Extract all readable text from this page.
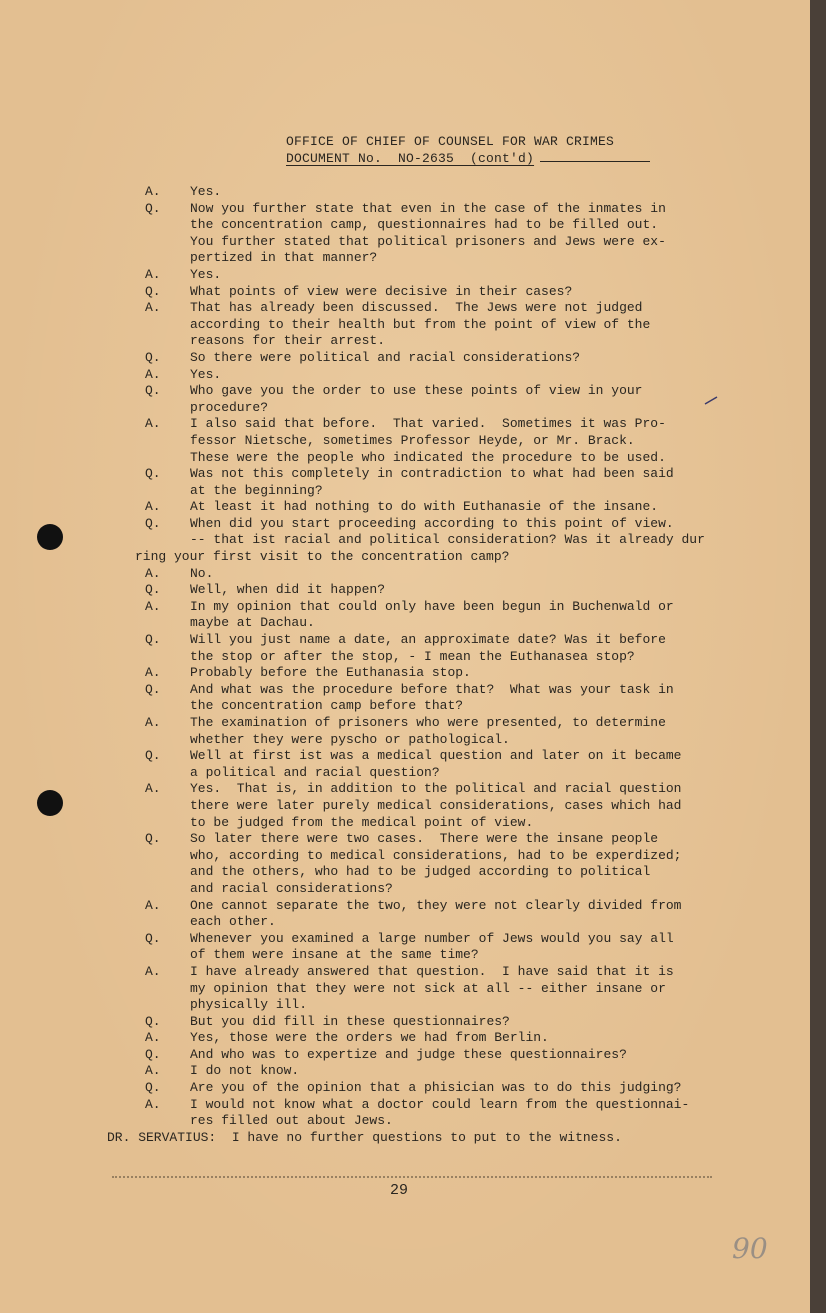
OFFICE OF CHIEF OF COUNSEL FOR WAR CRIMES
DOCUMENT No.  NO-2635  (cont'd)
A.	Yes.
Q.	Now you further state that even in the case of the inmates in
the concentration camp, questionnaires had to be filled out.
You further stated that political prisoners and Jews were ex-
pertized in that manner?
A.	Yes.
Q.	What points of view were decisive in their cases?
A.	That has already been discussed.  The Jews were not judged
according to their health but from the point of view of the
reasons for their arrest.
Q.	So there were political and racial considerations?
A.	Yes.
Q.	Who gave you the order to use these points of view in your
procedure?
A.	I also said that before.  That varied.  Sometimes it was Pro-
fessor Nietsche, sometimes Professor Heyde, or Mr. Brack.
These were the people who indicated the procedure to be used.
Q.	Was not this completely in contradiction to what had been said
at the beginning?
A.	At least it had nothing to do with Euthanasie of the insane.
Q.	When did you start proceeding according to this point of view.
-- that ist racial and political consideration? Was it already dur
ring your first visit to the concentration camp?
A.	No.
Q.	Well, when did it happen?
A.	In my opinion that could only have been begun in Buchenwald or
maybe at Dachau.
Q.	Will you just name a date, an approximate date? Was it before
the stop or after the stop, - I mean the Euthanasea stop?
A.	Probably before the Euthanasia stop.
Q.	And what was the procedure before that?  What was your task in
the concentration camp before that?
A.	The examination of prisoners who were presented, to determine
whether they were pyscho or pathological.
Q.	Well at first ist was a medical question and later on it became
a political and racial question?
A.	Yes.  That is, in addition to the political and racial question
there were later purely medical considerations, cases which had
to be judged from the medical point of view.
Q.	So later there were two cases.  There were the insane people
who, according to medical considerations, had to be experdized;
and the others, who had to be judged according to political
and racial considerations?
A.	One cannot separate the two, they were not clearly divided from
each other.
Q.	Whenever you examined a large number of Jews would you say all
of them were insane at the same time?
A.	I have already answered that question.  I have said that it is
my opinion that they were not sick at all -- either insane or
physically ill.
Q.	But you did fill in these questionnaires?
A.	Yes, those were the orders we had from Berlin.
Q.	And who was to expertize and judge these questionnaires?
A.	I do not know.
Q.	Are you of the opinion that a phisician was to do this judging?
A.	I would not know what a doctor could learn from the questionnai-
res filled out about Jews.
DR. SERVATIUS: I have no further questions to put to the witness.
29
90
